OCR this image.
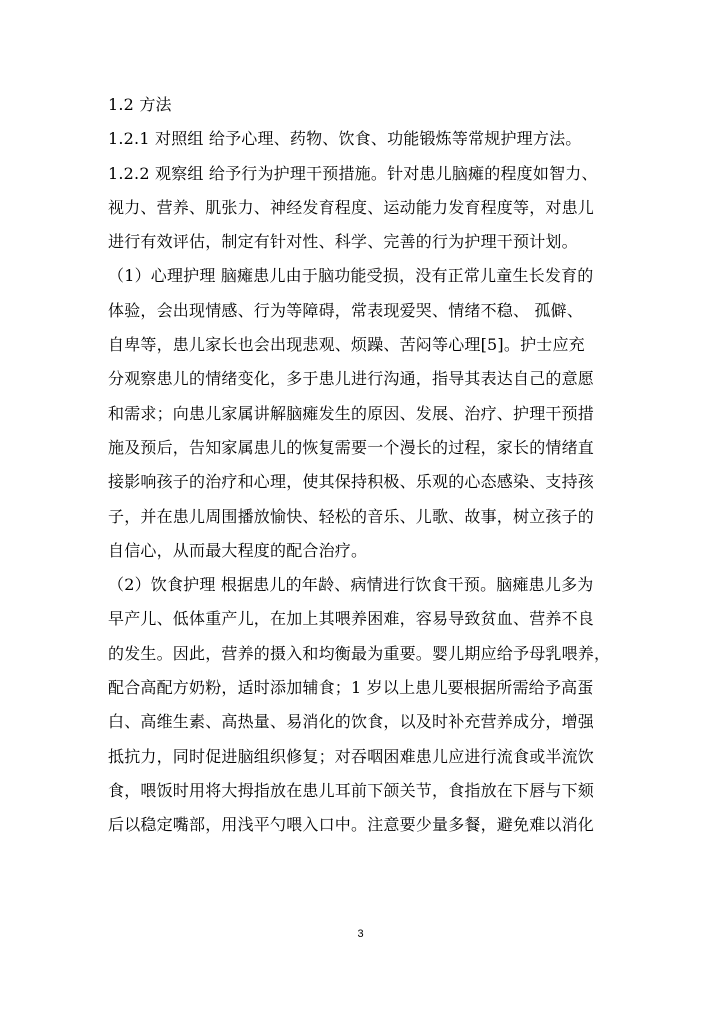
1.2 方法
1.2.1 对照组 给予心理、药物、饮食、功能锻炼等常规护理方法。
1.2.2 观察组 给予行为护理干预措施。针对患儿脑瘫的程度如智力、
视力、营养、肌张力、神经发育程度、运动能力发育程度等，对患儿
进行有效评估，制定有针对性、科学、完善的行为护理干预计划。
（1）心理护理 脑瘫患儿由于脑功能受损，没有正常儿童生长发育的
体验，会出现情感、行为等障碍，常表现爱哭、情绪不稳、 孤僻、
自卑等，患儿家长也会出现悲观、烦躁、苦闷等心理[5]。护士应充
分观察患儿的情绪变化，多于患儿进行沟通，指导其表达自己的意愿
和需求；向患儿家属讲解脑瘫发生的原因、发展、治疗、护理干预措
施及预后，告知家属患儿的恢复需要一个漫长的过程，家长的情绪直
接影响孩子的治疗和心理，使其保持积极、乐观的心态感染、支持孩
子，并在患儿周围播放愉快、轻松的音乐、儿歌、故事，树立孩子的
自信心，从而最大程度的配合治疗。
（2）饮食护理 根据患儿的年龄、病情进行饮食干预。脑瘫患儿多为
早产儿、低体重产儿，在加上其喂养困难，容易导致贫血、营养不良
的发生。因此，营养的摄入和均衡最为重要。婴儿期应给予母乳喂养，
配合高配方奶粉，适时添加辅食；1 岁以上患儿要根据所需给予高蛋
白、高维生素、高热量、易消化的饮食，以及时补充营养成分，增强
抵抗力，同时促进脑组织修复；对吞咽困难患儿应进行流食或半流饮
食，喂饭时用将大拇指放在患儿耳前下颌关节，食指放在下唇与下颏
后以稳定嘴部，用浅平勺喂入口中。注意要少量多餐，避免难以消化
3
